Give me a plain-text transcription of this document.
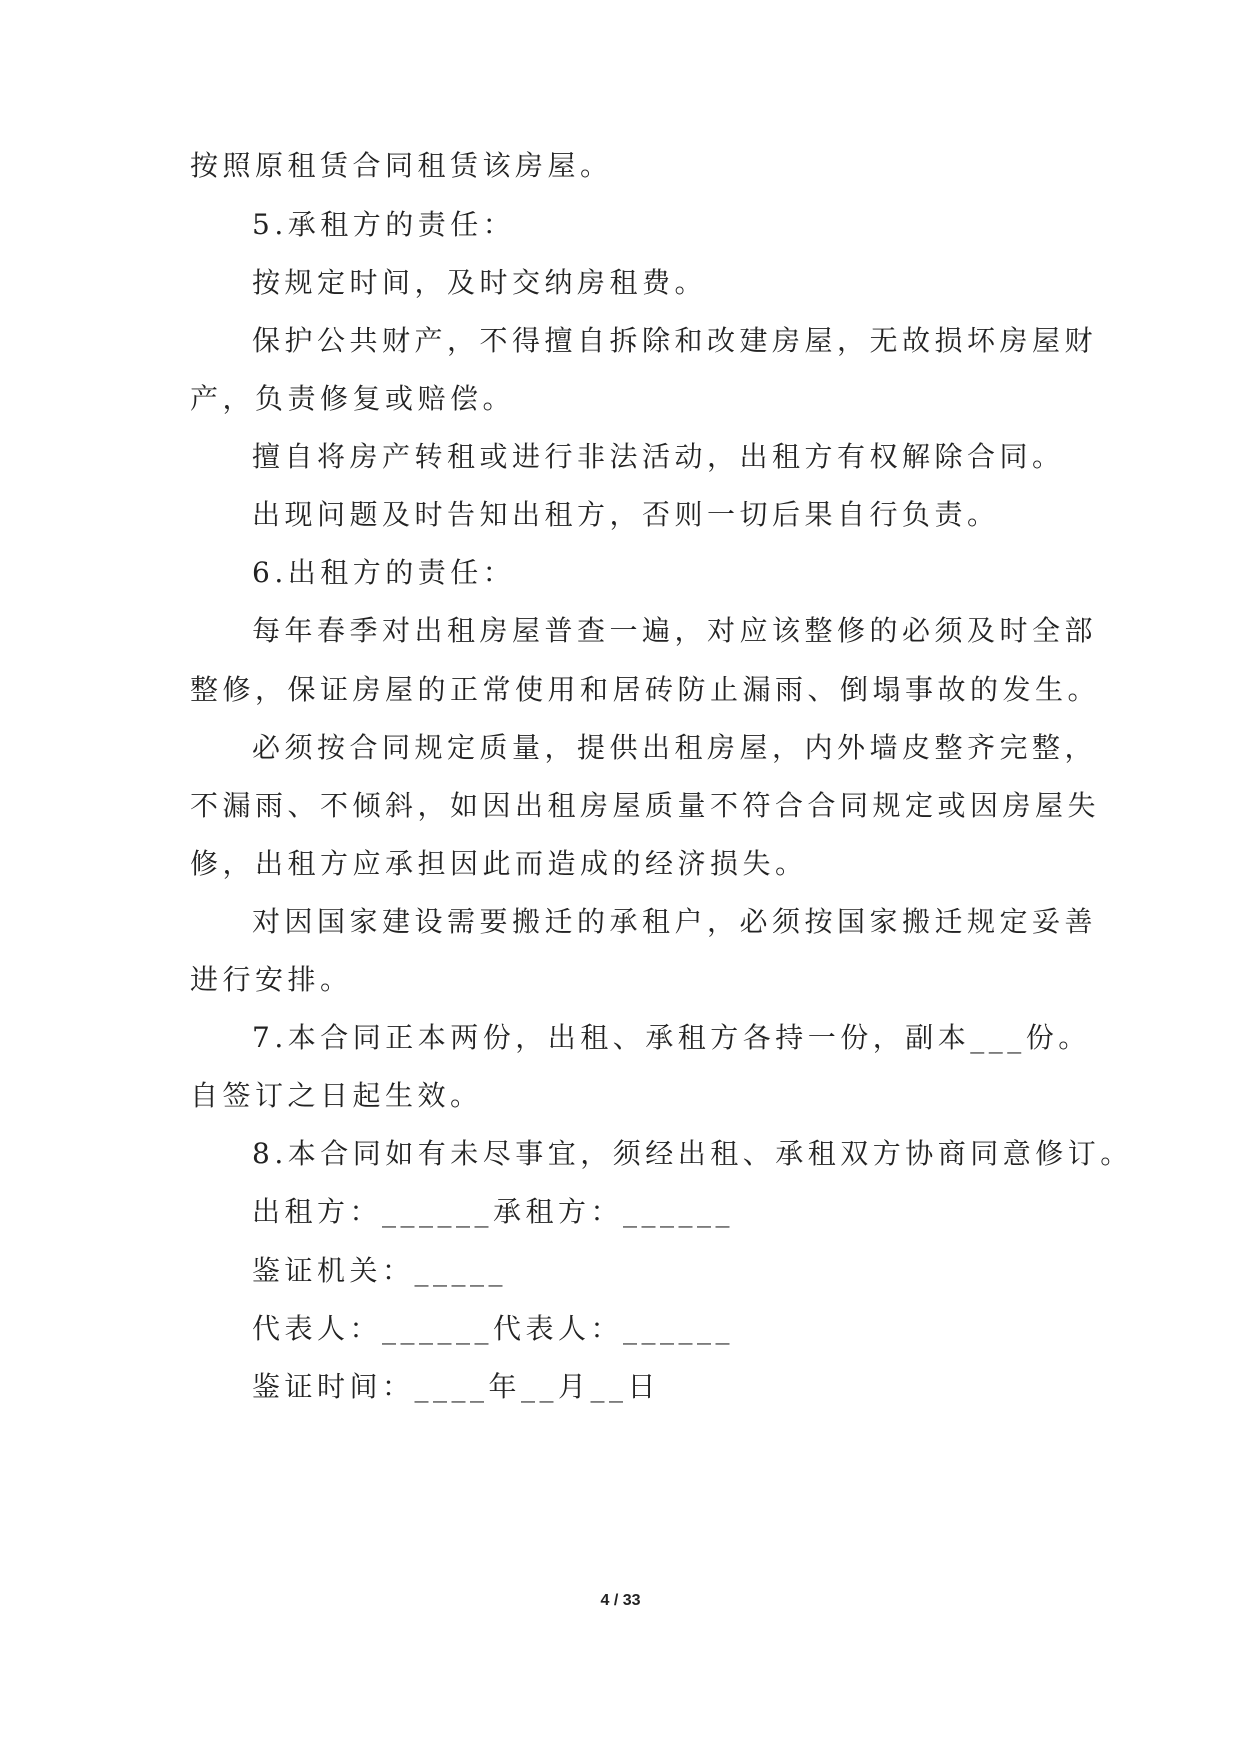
按照原租赁合同租赁该房屋。
5.承租方的责任：
按规定时间，及时交纳房租费。
保护公共财产，不得擅自拆除和改建房屋，无故损坏房屋财
产，负责修复或赔偿。
擅自将房产转租或进行非法活动，出租方有权解除合同。
出现问题及时告知出租方，否则一切后果自行负责。
6.出租方的责任：
每年春季对出租房屋普查一遍，对应该整修的必须及时全部
整修，保证房屋的正常使用和居砖防止漏雨、倒塌事故的发生。
必须按合同规定质量，提供出租房屋，内外墙皮整齐完整，
不漏雨、不倾斜，如因出租房屋质量不符合合同规定或因房屋失
修，出租方应承担因此而造成的经济损失。
对因国家建设需要搬迁的承租户，必须按国家搬迁规定妥善
进行安排。
7.本合同正本两份，出租、承租方各持一份，副本___份。
自签订之日起生效。
8.本合同如有未尽事宜，须经出租、承租双方协商同意修订。
出租方：______承租方：______
鉴证机关：_____
代表人：______代表人：______
鉴证时间：____年__月__日
4 / 33
